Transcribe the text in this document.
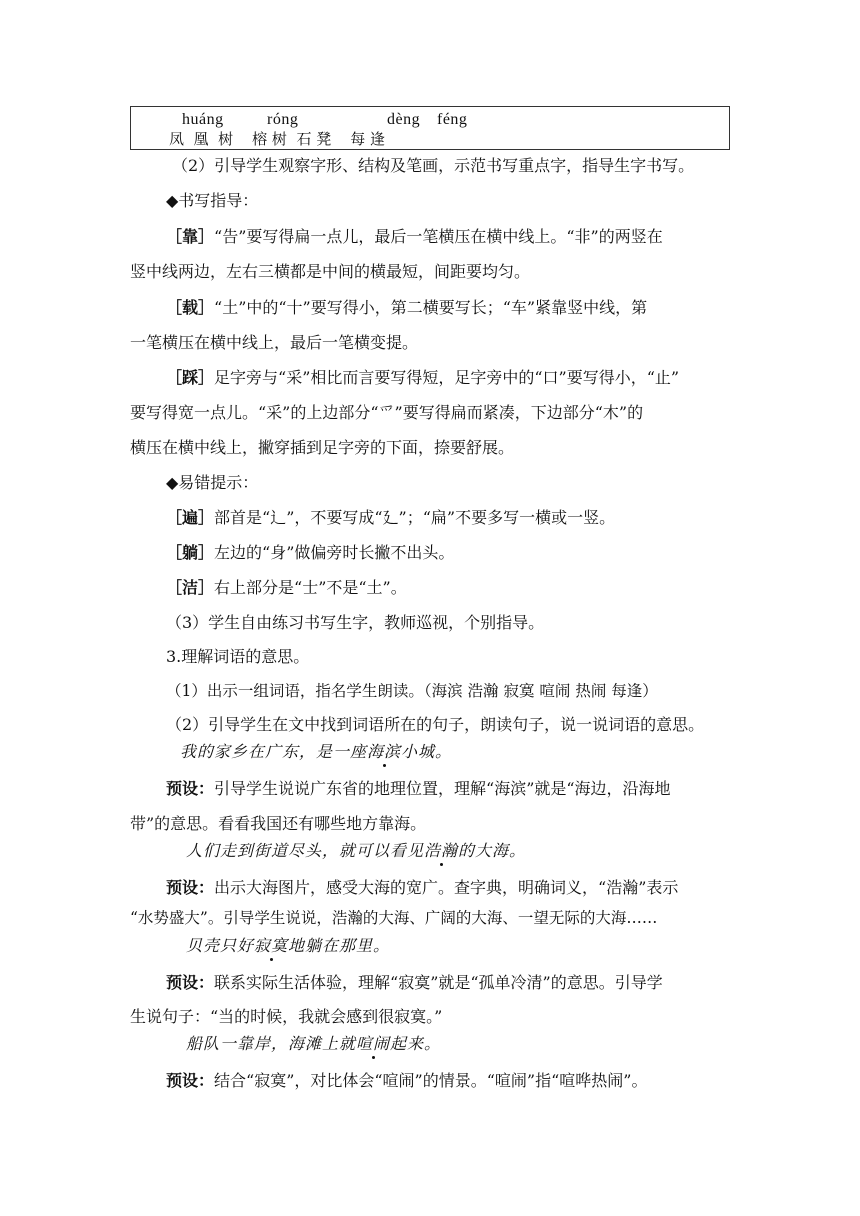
huáng	róng	dèng féng
凤  凰  树    榕 树  石 凳    每 逢
（2）引导学生观察字形、结构及笔画，示范书写重点字，指导生字书写。
◆书写指导：
［靠］“告”要写得扁一点儿，最后一笔横压在横中线上。“非”的两竖在
竖中线两边，左右三横都是中间的横最短，间距要均匀。
［载］“土”中的“十”要写得小，第二横要写长；“车”紧靠竖中线，第
一笔横压在横中线上，最后一笔横变提。
［踩］足字旁与“采”相比而言要写得短，足字旁中的“口”要写得小，“止”
要写得宽一点儿。“采”的上边部分“爫”要写得扁而紧凑，下边部分“木”的
横压在横中线上，撇穿插到足字旁的下面，捺要舒展。
◆易错提示：
［遍］部首是“辶”，不要写成“廴”；“扁”不要多写一横或一竖。
［躺］左边的“身”做偏旁时长撇不出头。
［洁］右上部分是“士”不是“土”。
（3）学生自由练习书写生字，教师巡视，个别指导。
3.理解词语的意思。
（1）出示一组词语，指名学生朗读。（海滨 浩瀚 寂寞 喧闹 热闹 每逢）
（2）引导学生在文中找到词语所在的句子，朗读句子，说一说词语的意思。
我的家乡在广东，是一座海滨小城。
预设：引导学生说说广东省的地理位置，理解“海滨”就是“海边，沿海地
带”的意思。看看我国还有哪些地方靠海。
人们走到街道尽头，就可以看见浩瀚的大海。
预设：出示大海图片，感受大海的宽广。查字典，明确词义，“浩瀚”表示
“水势盛大”。引导学生说说，浩瀚的大海、广阔的大海、一望无际的大海……
贝壳只好寂寞地躺在那里。
预设：联系实际生活体验，理解“寂寞”就是“孤单冷清”的意思。引导学
生说句子：“当的时候，我就会感到很寂寞。”
船队一靠岸，海滩上就喧闹起来。
预设：结合“寂寞”，对比体会“喧闹”的情景。“喧闹”指“喧哗热闹”。
